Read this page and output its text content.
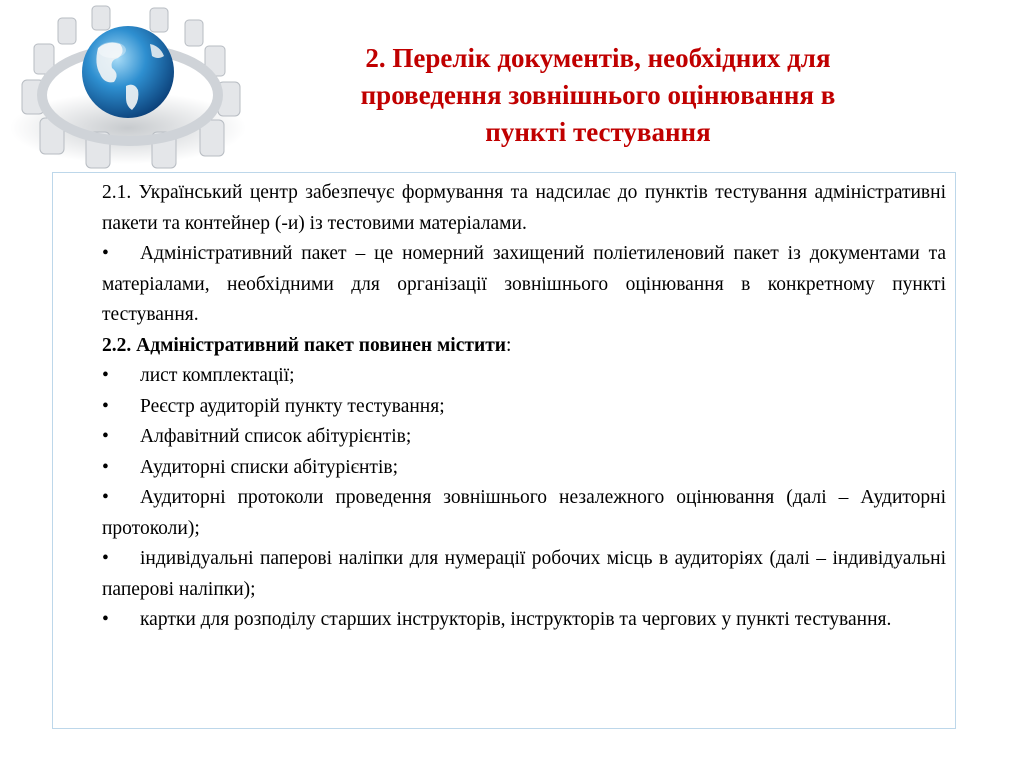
2. Перелік документів, необхідних для
проведення зовнішнього оцінювання в
пункті тестування

2.1. Український центр забезпечує формування та надсилає до пунктів тестування адміністративні пакети та контейнер (-и) із тестовими матеріалами.

• Адміністративний пакет – це номерний захищений поліетиленовий пакет із документами та матеріалами, необхідними для організації зовнішнього оцінювання в конкретному пункті тестування.

2.2. Адміністративний пакет повинен містити:

• лист комплектації;

• Реєстр аудиторій пункту тестування;

• Алфавітний список абітурієнтів;

• Аудиторні списки абітурієнтів;

• Аудиторні протоколи проведення зовнішнього незалежного оцінювання (далі – Аудиторні протоколи);

• індивідуальні паперові наліпки для нумерації робочих місць в аудиторіях (далі – індивідуальні паперові наліпки);

• картки для розподілу старших інструкторів, інструкторів та чергових у пункті тестування.
